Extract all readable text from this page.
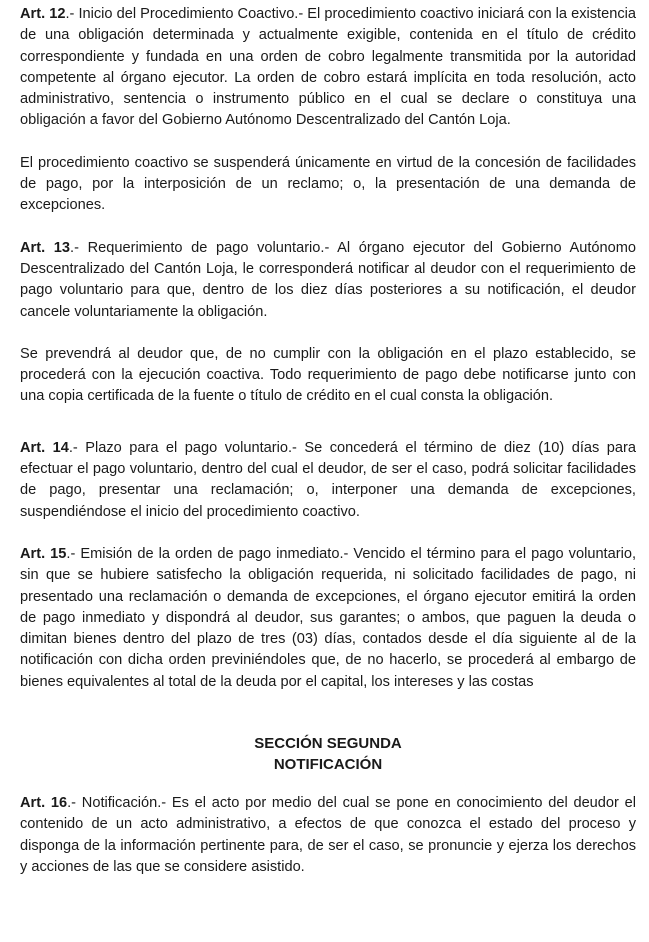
Art. 12.- Inicio del Procedimiento Coactivo.- El procedimiento coactivo iniciará con la existencia de una obligación determinada y actualmente exigible, contenida en el título de crédito correspondiente y fundada en una orden de cobro legalmente transmitida por la autoridad competente al órgano ejecutor. La orden de cobro estará implícita en toda resolución, acto administrativo, sentencia o instrumento público en el cual se declare o constituya una obligación a favor del Gobierno Autónomo Descentralizado del Cantón Loja.

El procedimiento coactivo se suspenderá únicamente en virtud de la concesión de facilidades de pago, por la interposición de un reclamo; o, la presentación de una demanda de excepciones.

Art. 13.- Requerimiento de pago voluntario.- Al órgano ejecutor del Gobierno Autónomo Descentralizado del Cantón Loja, le corresponderá notificar al deudor con el requerimiento de pago voluntario para que, dentro de los diez días posteriores a su notificación, el deudor cancele voluntariamente la obligación.

Se prevendrá al deudor que, de no cumplir con la obligación en el plazo establecido, se procederá con la ejecución coactiva. Todo requerimiento de pago debe notificarse junto con una copia certificada de la fuente o título de crédito en el cual consta la obligación.

Art. 14.- Plazo para el pago voluntario.- Se concederá el término de diez (10) días para efectuar el pago voluntario, dentro del cual el deudor, de ser el caso, podrá solicitar facilidades de pago, presentar una reclamación; o, interponer una demanda de excepciones, suspendiéndose el inicio del procedimiento coactivo.

Art. 15.- Emisión de la orden de pago inmediato.- Vencido el término para el pago voluntario, sin que se hubiere satisfecho la obligación requerida, ni solicitado facilidades de pago, ni presentado una reclamación o demanda de excepciones, el órgano ejecutor emitirá la orden de pago inmediato y dispondrá al deudor, sus garantes; o ambos, que paguen la deuda o dimitan bienes dentro del plazo de tres (03) días, contados desde el día siguiente al de la notificación con dicha orden previniéndoles que, de no hacerlo, se procederá al embargo de bienes equivalentes al total de la deuda por el capital, los intereses y las costas

SECCIÓN SEGUNDA
NOTIFICACIÓN

Art. 16.- Notificación.- Es el acto por medio del cual se pone en conocimiento del deudor el contenido de un acto administrativo, a efectos de que conozca el estado del proceso y disponga de la información pertinente para, de ser el caso, se pronuncie y ejerza los derechos y acciones de las que se considere asistido.
